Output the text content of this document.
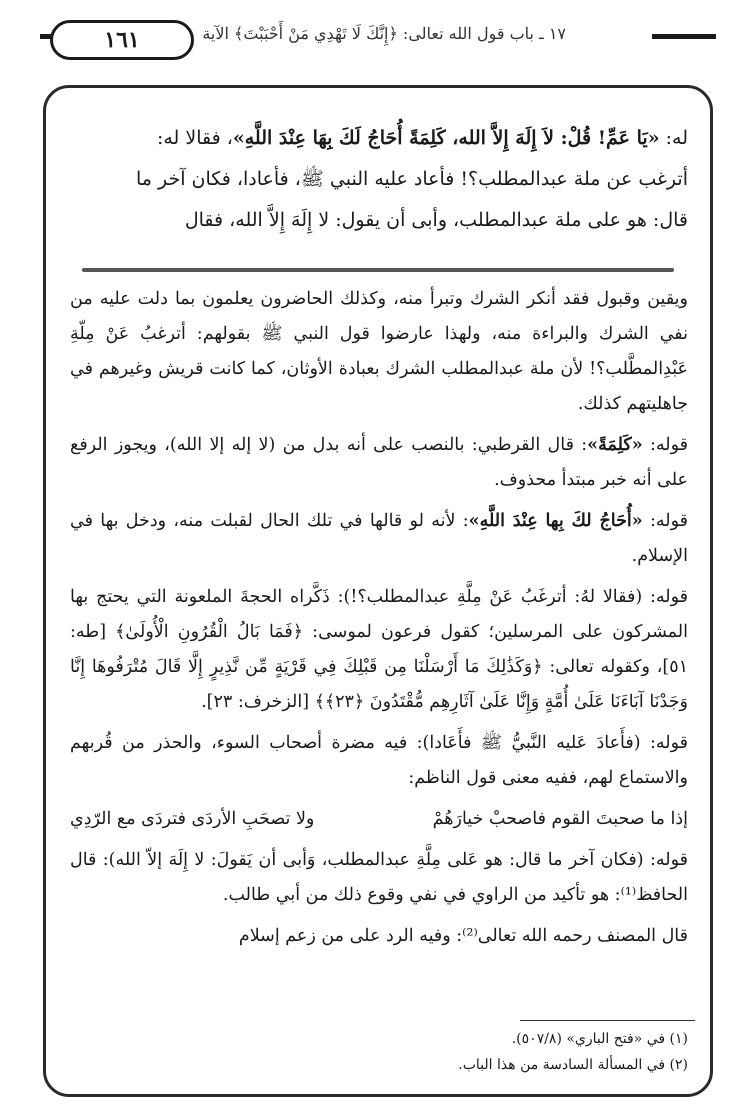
١٦١	١٧ ـ باب قول الله تعالى: ﴿إِنَّكَ لَا تَهْدِي مَنْ أَحْبَبْتَ﴾ الآية

له: «يَا عَمِّ! قُلْ: لاَ إِلَهَ إِلاَّ الله، كَلِمَةً أُحَاجُ لَكَ بِهَا عِنْدَ اللَّهِ»، فقالا له:

أترغب عن ملة عبدالمطلب؟! فأعاد عليه النبي ﷺ، فأعادا، فكان آخر ما

قال: هو على ملة عبدالمطلب، وأبى أن يقول: لا إِلَهَ إِلاَّ الله، فقال

ويقين وقبول فقد أنكر الشرك وتبرأ منه، وكذلك الحاضرون يعلمون بما دلت عليه من نفي الشرك والبراءة منه، ولهذا عارضوا قول النبي ﷺ بقولهم: أترغبُ عَنْ مِلّةِ عَبْدِالمطَّلب؟! لأن ملة عبدالمطلب الشرك بعبادة الأوثان، كما كانت قريش وغيرهم في جاهليتهم كذلك.

قوله: «كَلِمَةً»: قال القرطبي: بالنصب على أنه بدل من (لا إله إلا الله)، ويجوز الرفع على أنه خبر مبتدأ محذوف.

قوله: «أُحَاجُ لكَ بِها عِنْدَ اللَّهِ»: لأنه لو قالها في تلك الحال لقبلت منه، ودخل بها في الإسلام.

قوله: (فقالا لهُ: أترغَبُ عَنْ مِلَّةِ عبدالمطلب؟!): ذَكَّراه الحجةَ الملعونة التي يحتج بها المشركون على المرسلين؛ كقول فرعون لموسى: ﴿فَمَا بَالُ الْقُرُونِ الْأُولَىٰ﴾ [طه: ٥١]، وكقوله تعالى: ﴿وَكَذَٰلِكَ مَا أَرْسَلْنَا مِن قَبْلِكَ فِي قَرْيَةٍ مِّن نَّذِيرٍ إِلَّا قَالَ مُتْرَفُوهَا إِنَّا وَجَدْنَا آبَاءَنَا عَلَىٰ أُمَّةٍ وَإِنَّا عَلَىٰ آثَارِهِم مُّقْتَدُونَ ﴿٢٣﴾﴾ [الزخرف: ٢٣].

قوله: (فأَعادَ عَليه النَّبيُّ ﷺ فأَعَادا): فيه مضرة أصحاب السوء، والحذر من قُربهم والاستماع لهم، ففيه معنى قول الناظم:

إذا ما صحبتَ القوم فاصحبْ خيارَهُمْ
ولا تصحَبِ الأردَى فتردَى مع الرّدِي

قوله: (فكان آخر ما قال: هو عَلى مِلَّةِ عبدالمطلب، وَأبى أن يَقولَ: لا إِلَهَ إلاّ الله): قال الحافظ⁽¹⁾: هو تأكيد من الراوي في نفي وقوع ذلك من أبي طالب.

قال المصنف رحمه الله تعالى⁽²⁾: وفيه الرد على من زعم إسلام

(١) في «فتح الباري» (٥٠٧/٨).
(٢) في المسألة السادسة من هذا الباب.
